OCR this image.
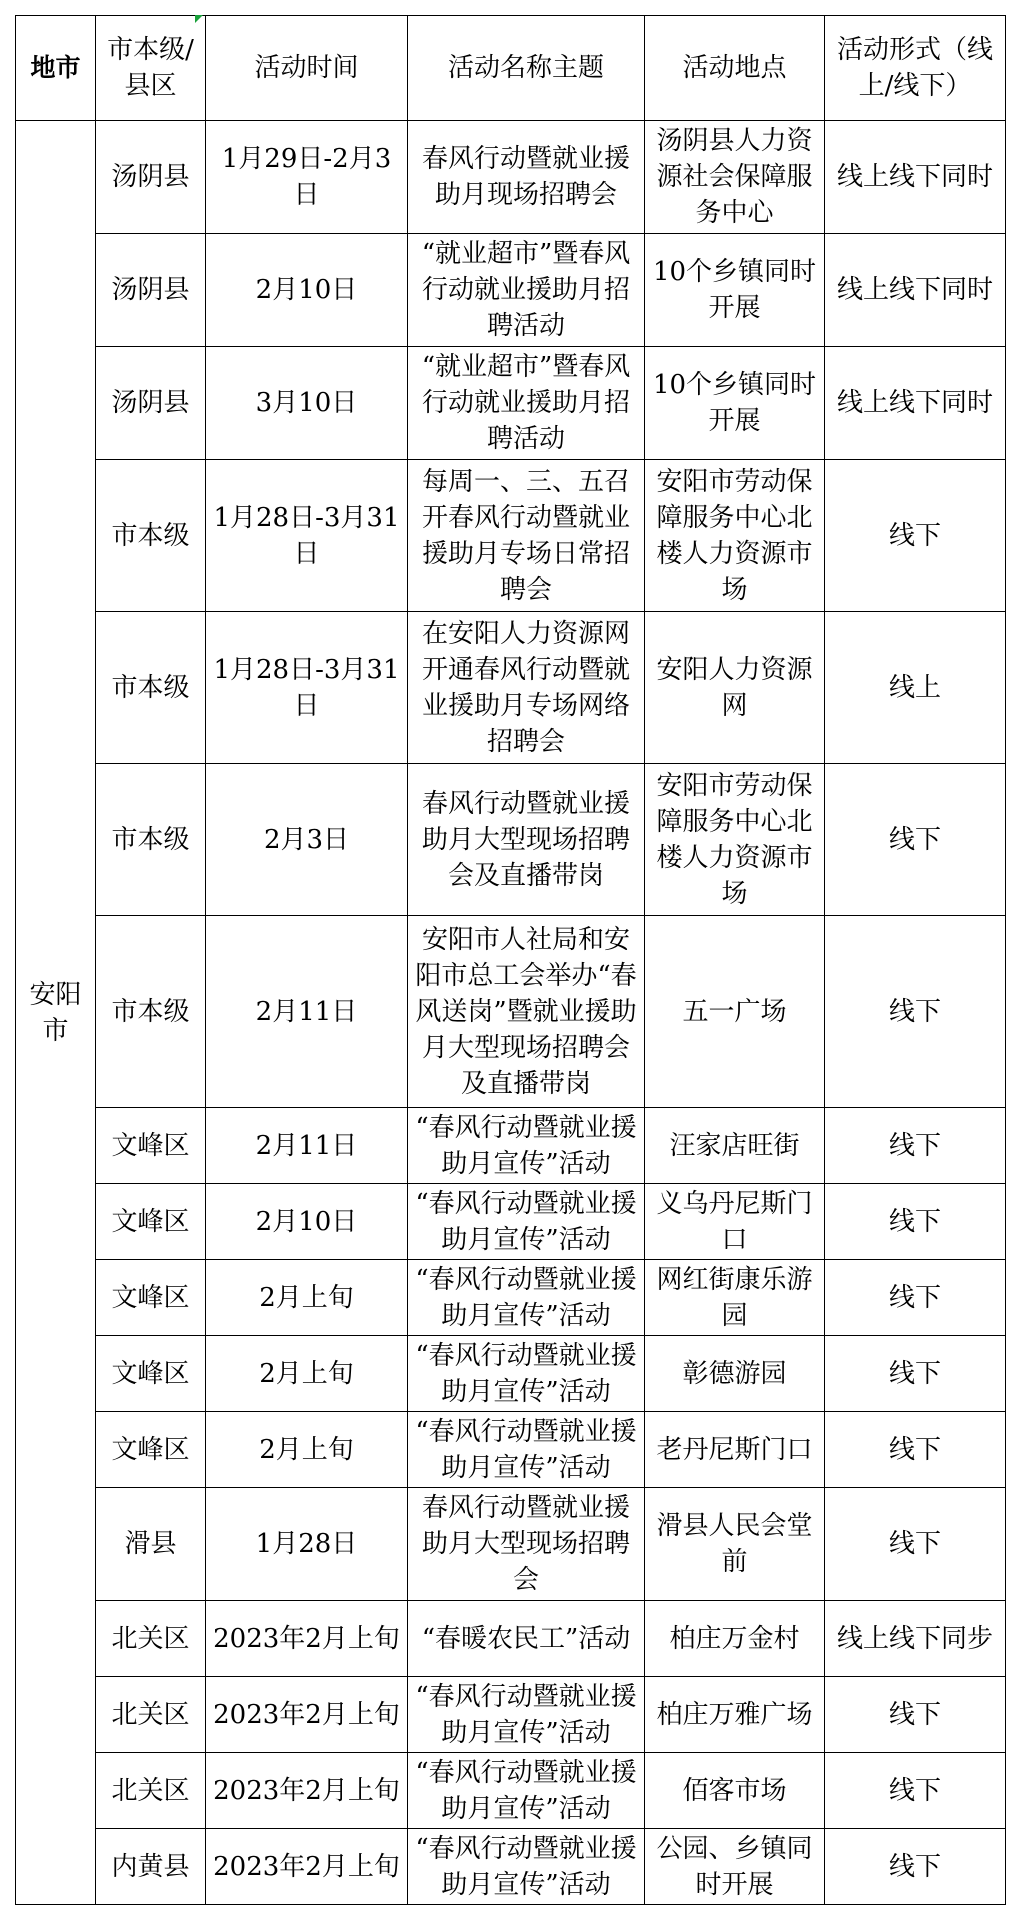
地市	市本级/县区	活动时间	活动名称主题	活动地点	活动形式（线上/线下）
安阳市	汤阴县	1月29日-2月3日	春风行动暨就业援助月现场招聘会	汤阴县人力资源社会保障服务中心	线上线下同时
	汤阴县	2月10日	“就业超市”暨春风行动就业援助月招聘活动	10个乡镇同时开展	线上线下同时
	汤阴县	3月10日	“就业超市”暨春风行动就业援助月招聘活动	10个乡镇同时开展	线上线下同时
	市本级	1月28日-3月31日	每周一、三、五召开春风行动暨就业援助月专场日常招聘会	安阳市劳动保障服务中心北楼人力资源市场	线下
	市本级	1月28日-3月31日	在安阳人力资源网开通春风行动暨就业援助月专场网络招聘会	安阳人力资源网	线上
	市本级	2月3日	春风行动暨就业援助月大型现场招聘会及直播带岗	安阳市劳动保障服务中心北楼人力资源市场	线下
	市本级	2月11日	安阳市人社局和安阳市总工会举办“春风送岗”暨就业援助月大型现场招聘会及直播带岗	五一广场	线下
	文峰区	2月11日	“春风行动暨就业援助月宣传”活动	汪家店旺街	线下
	文峰区	2月10日	“春风行动暨就业援助月宣传”活动	义乌丹尼斯门口	线下
	文峰区	2月上旬	“春风行动暨就业援助月宣传”活动	网红街康乐游园	线下
	文峰区	2月上旬	“春风行动暨就业援助月宣传”活动	彰德游园	线下
	文峰区	2月上旬	“春风行动暨就业援助月宣传”活动	老丹尼斯门口	线下
	滑县	1月28日	春风行动暨就业援助月大型现场招聘会	滑县人民会堂前	线下
	北关区	2023年2月上旬	“春暖农民工”活动	柏庄万金村	线上线下同步
	北关区	2023年2月上旬	“春风行动暨就业援助月宣传”活动	柏庄万雅广场	线下
	北关区	2023年2月上旬	“春风行动暨就业援助月宣传”活动	佰客市场	线下
	内黄县	2023年2月上旬	“春风行动暨就业援助月宣传”活动	公园、乡镇同时开展	线下
